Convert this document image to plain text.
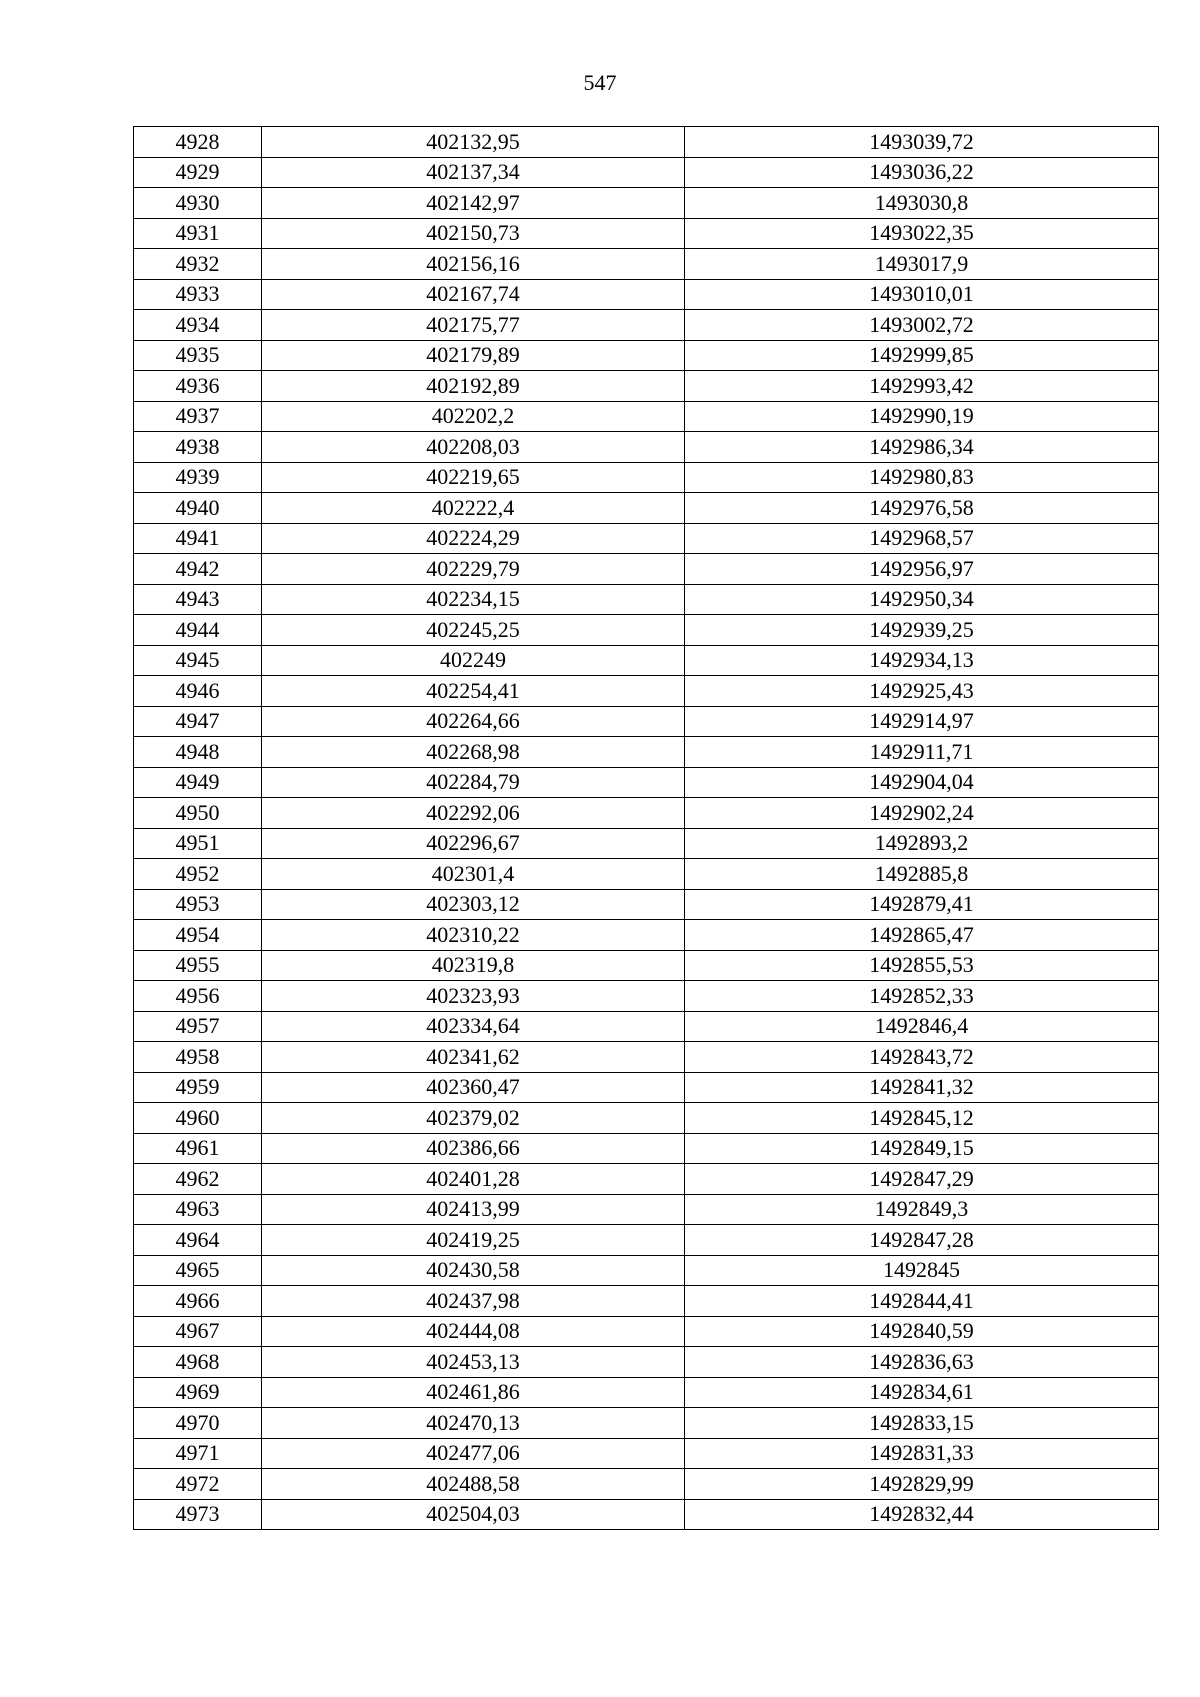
547
4928	402132,95	1493039,72
4929	402137,34	1493036,22
4930	402142,97	1493030,8
4931	402150,73	1493022,35
4932	402156,16	1493017,9
4933	402167,74	1493010,01
4934	402175,77	1493002,72
4935	402179,89	1492999,85
4936	402192,89	1492993,42
4937	402202,2	1492990,19
4938	402208,03	1492986,34
4939	402219,65	1492980,83
4940	402222,4	1492976,58
4941	402224,29	1492968,57
4942	402229,79	1492956,97
4943	402234,15	1492950,34
4944	402245,25	1492939,25
4945	402249	1492934,13
4946	402254,41	1492925,43
4947	402264,66	1492914,97
4948	402268,98	1492911,71
4949	402284,79	1492904,04
4950	402292,06	1492902,24
4951	402296,67	1492893,2
4952	402301,4	1492885,8
4953	402303,12	1492879,41
4954	402310,22	1492865,47
4955	402319,8	1492855,53
4956	402323,93	1492852,33
4957	402334,64	1492846,4
4958	402341,62	1492843,72
4959	402360,47	1492841,32
4960	402379,02	1492845,12
4961	402386,66	1492849,15
4962	402401,28	1492847,29
4963	402413,99	1492849,3
4964	402419,25	1492847,28
4965	402430,58	1492845
4966	402437,98	1492844,41
4967	402444,08	1492840,59
4968	402453,13	1492836,63
4969	402461,86	1492834,61
4970	402470,13	1492833,15
4971	402477,06	1492831,33
4972	402488,58	1492829,99
4973	402504,03	1492832,44
